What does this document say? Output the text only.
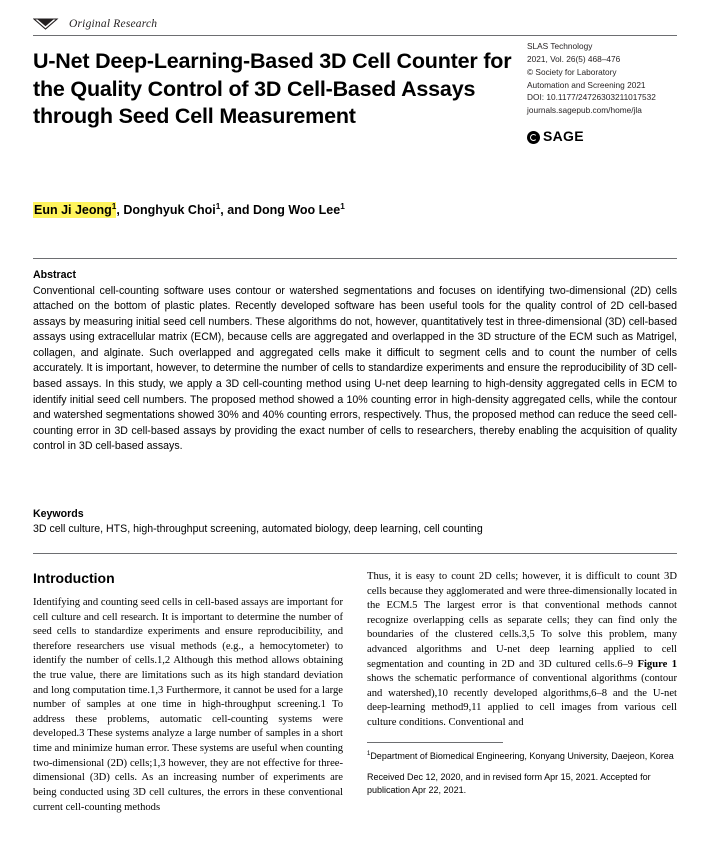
Original Research
U-Net Deep-Learning-Based 3D Cell Counter for the Quality Control of 3D Cell-Based Assays through Seed Cell Measurement
SLAS Technology
2021, Vol. 26(5) 468–476
© Society for Laboratory
Automation and Screening 2021
DOI: 10.1177/24726303211017532
journals.sagepub.com/home/jla
SAGE
Eun Ji Jeong$^1$, Donghyuk Choi$^1$, and Dong Woo Lee$^1$

Abstract

Conventional cell-counting software uses contour or watershed segmentations and focuses on identifying two-dimensional (2D) cells attached on the bottom of plastic plates. Recently developed software has been useful tools for the quality control of 2D cell-based assays by measuring initial seed cell numbers. These algorithms do not, however, quantitatively test in three-dimensional (3D) cell-based assays using extracellular matrix (ECM), because cells are aggregated and overlapped in the 3D structure of the ECM such as Matrigel, collagen, and alginate. Such overlapped and aggregated cells make it difficult to segment cells and to count the number of cells accurately. It is important, however, to determine the number of cells to standardize experiments and ensure the reproducibility of 3D cell-based assays. In this study, we apply a 3D cell-counting method using U-net deep learning to high-density aggregated cells in ECM to identify initial seed cell numbers. The proposed method showed a 10% counting error in high-density aggregated cells, while the contour and watershed segmentations showed 30% and 40% counting errors, respectively. Thus, the proposed method can reduce the seed cell-counting error in 3D cell-based assays by providing the exact number of cells to researchers, thereby enabling the acquisition of quality control in 3D cell-based assays.

Keywords

3D cell culture, HTS, high-throughput screening, automated biology, deep learning, cell counting

Introduction

Identifying and counting seed cells in cell-based assays are important for cell culture and cell research. It is important to determine the number of seed cells to standardize experiments and ensure reproducibility, and therefore researchers use visual methods (e.g., a hemocytometer) to identify the number of cells.1,2 Although this method allows obtaining the true value, there are limitations such as its high standard deviation and long computation time.1,3 Furthermore, it cannot be used for a large number of samples at one time in high-throughput screening.1 To address these problems, automatic cell-counting systems were developed.3 These systems analyze a large number of samples in a short time and minimize human error. These systems are useful when counting two-dimensional (2D) cells;1,3 however, they are not effective for three-dimensional (3D) cells. As an increasing number of experiments are being conducted using 3D cell cultures, the errors in these conventional current cell-counting methods

Thus, it is easy to count 2D cells; however, it is difficult to count 3D cells because they agglomerated and were three-dimensionally located in the ECM.5 The largest error is that conventional methods cannot recognize overlapping cells as separate cells; they can find only the boundaries of the clustered cells.3,5 To solve this problem, many advanced algorithms and U-net deep learning applied to cell segmentation and counting in 2D and 3D cultured cells.6–9 Figure 1 shows the schematic performance of conventional algorithms (contour and watershed),10 recently developed algorithms,6–8 and the U-net deep-learning method9,11 applied to cell images from various cell culture conditions. Conventional and

$^1$Department of Biomedical Engineering, Konyang University, Daejeon, Korea

Received Dec 12, 2020, and in revised form Apr 15, 2021. Accepted for publication Apr 22, 2021.
